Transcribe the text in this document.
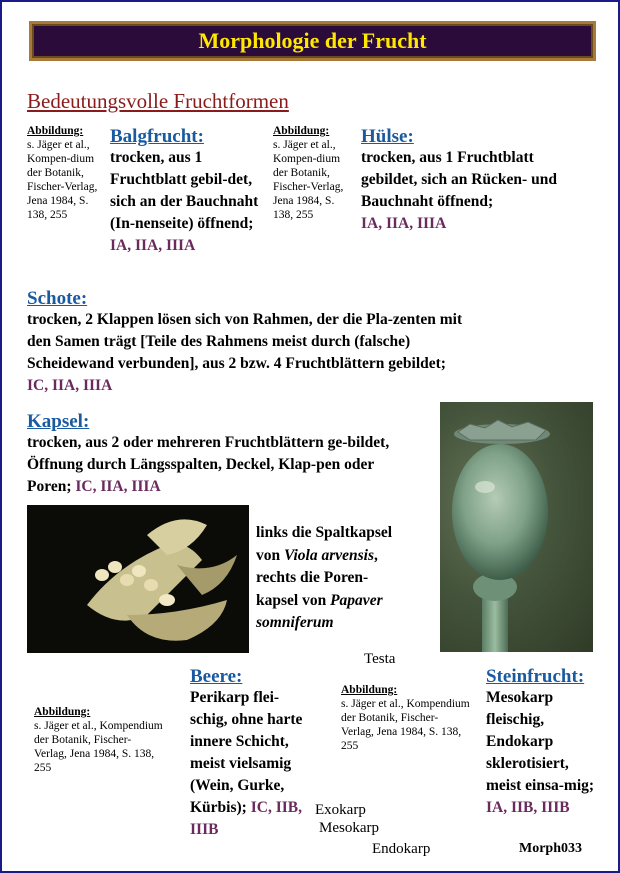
Morphologie der Frucht
Bedeutungsvolle Fruchtformen
Abbildung:
s. Jäger et al., Kompen-dium der Botanik, Fischer-Verlag, Jena 1984, S. 138, 255
Balgfrucht:
trocken, aus 1 Fruchtblatt gebil-det, sich an der Bauchnaht (In-nenseite) öffnend;
IA, IIA, IIIA
Abbildung:
s. Jäger et al., Kompen-dium der Botanik, Fischer-Verlag, Jena 1984, S. 138, 255
Hülse:
trocken, aus 1 Fruchtblatt gebildet, sich an Rücken- und Bauchnaht öffnend;
IA, IIA, IIIA
Schote:
trocken, 2 Klappen lösen sich von Rahmen, der die Pla-zenten mit den Samen trägt [Teile des Rahmens meist durch (falsche) Scheidewand verbunden], aus 2 bzw. 4 Fruchtblättern gebildet; IC, IIA, IIIA
Kapsel:
trocken, aus 2 oder mehreren Fruchtblättern ge-bildet, Öffnung durch Längsspalten, Deckel, Klap-pen oder Poren; IC, IIA, IIIA
links die Spaltkapsel
von Viola arvensis,
rechts die Poren-
kapsel von Papaver
somniferum
Testa
Abbildung:
s. Jäger et al., Kompendium der Botanik, Fischer-Verlag, Jena 1984, S. 138, 255
Beere:
Perikarp flei-schig, ohne harte innere Schicht, meist vielsamig (Wein, Gurke, Kürbis); IC, IIB, IIIB
Abbildung:
s. Jäger et al., Kompendium der Botanik, Fischer-Verlag, Jena 1984, S. 138, 255
Exokarp
Mesokarp
Endokarp
Steinfrucht:
Mesokarp fleischig, Endokarp sklerotisiert, meist einsa-mig; IA, IIB, IIIB
Morph033
